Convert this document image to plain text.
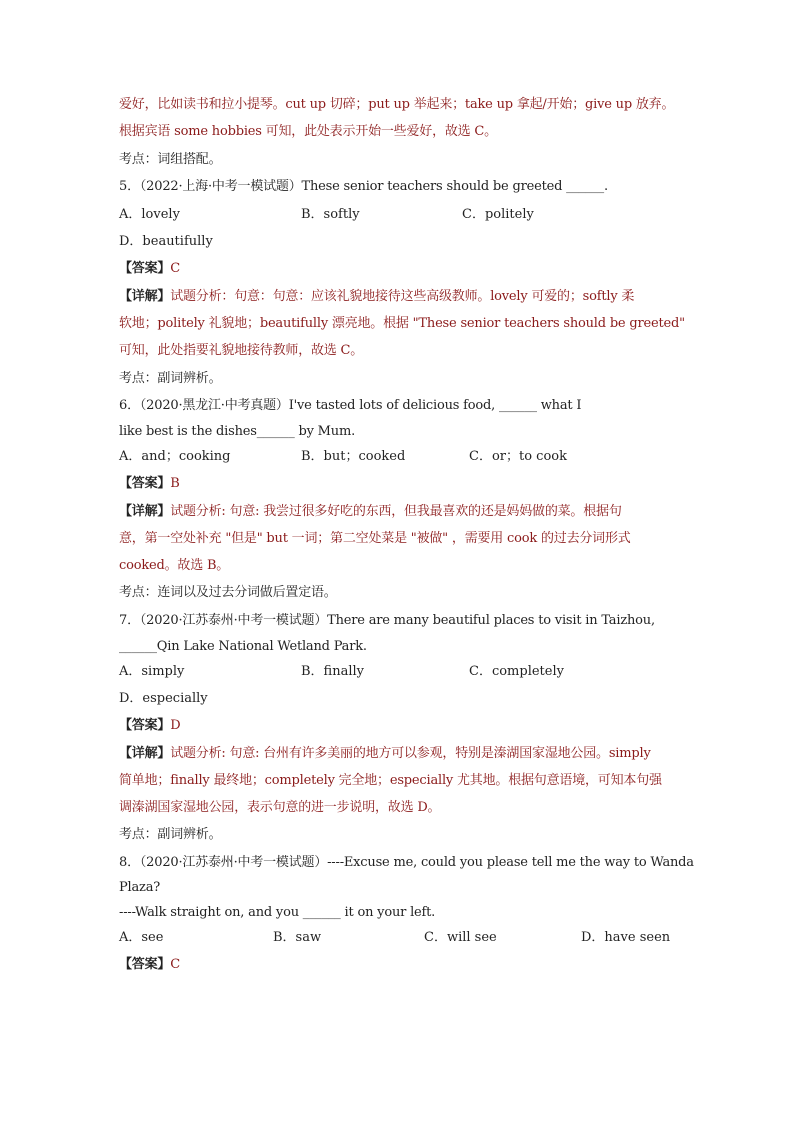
爱好，比如读书和拉小提琴。cut up 切碎；put up 举起来；take up 拿起/开始；give up 放弃。
根据宾语 some hobbies 可知，此处表示开始一些爱好，故选 C。
考点：词组搭配。
5．（2022·上海·中考一模试题）These senior teachers should be greeted ______.
A．lovely	B．softly	C．politely
D．beautifully
【答案】C
【详解】试题分析：句意：句意：应该礼貌地接待这些高级教师。lovely 可爱的；softly 柔
软地；politely 礼貌地；beautifully 漂亮地。根据 "These senior teachers should be greeted"
可知，此处指要礼貌地接待教师，故选 C。
考点：副词辨析。
6．（2020·黑龙江·中考真题）I've tasted lots of delicious food, ______ what I
like best is the dishes______ by Mum.
A．and；cooking	B．but；cooked	C．or；to cook
【答案】B
【详解】试题分析: 句意: 我尝过很多好吃的东西，但我最喜欢的还是妈妈做的菜。根据句
意，第一空处补充 "但是" but 一词；第二空处菜是 "被做" ，需要用 cook 的过去分词形式
cooked。故选 B。
考点：连词以及过去分词做后置定语。
7．（2020·江苏泰州·中考一模试题）There are many beautiful places to visit in Taizhou,
______Qin Lake National Wetland Park.
A．simply	B．finally	C．completely
D．especially
【答案】D
【详解】试题分析: 句意: 台州有许多美丽的地方可以参观，特别是溱湖国家湿地公园。simply
简单地；finally 最终地；completely 完全地；especially 尤其地。根据句意语境，可知本句强
调溱湖国家湿地公园，表示句意的进一步说明，故选 D。
考点：副词辨析。
8．（2020·江苏泰州·中考一模试题）----Excuse me, could you please tell me the way to Wanda
Plaza?
----Walk straight on, and you ______ it on your left.
A．see	B．saw	C．will see	D．have seen
【答案】C
